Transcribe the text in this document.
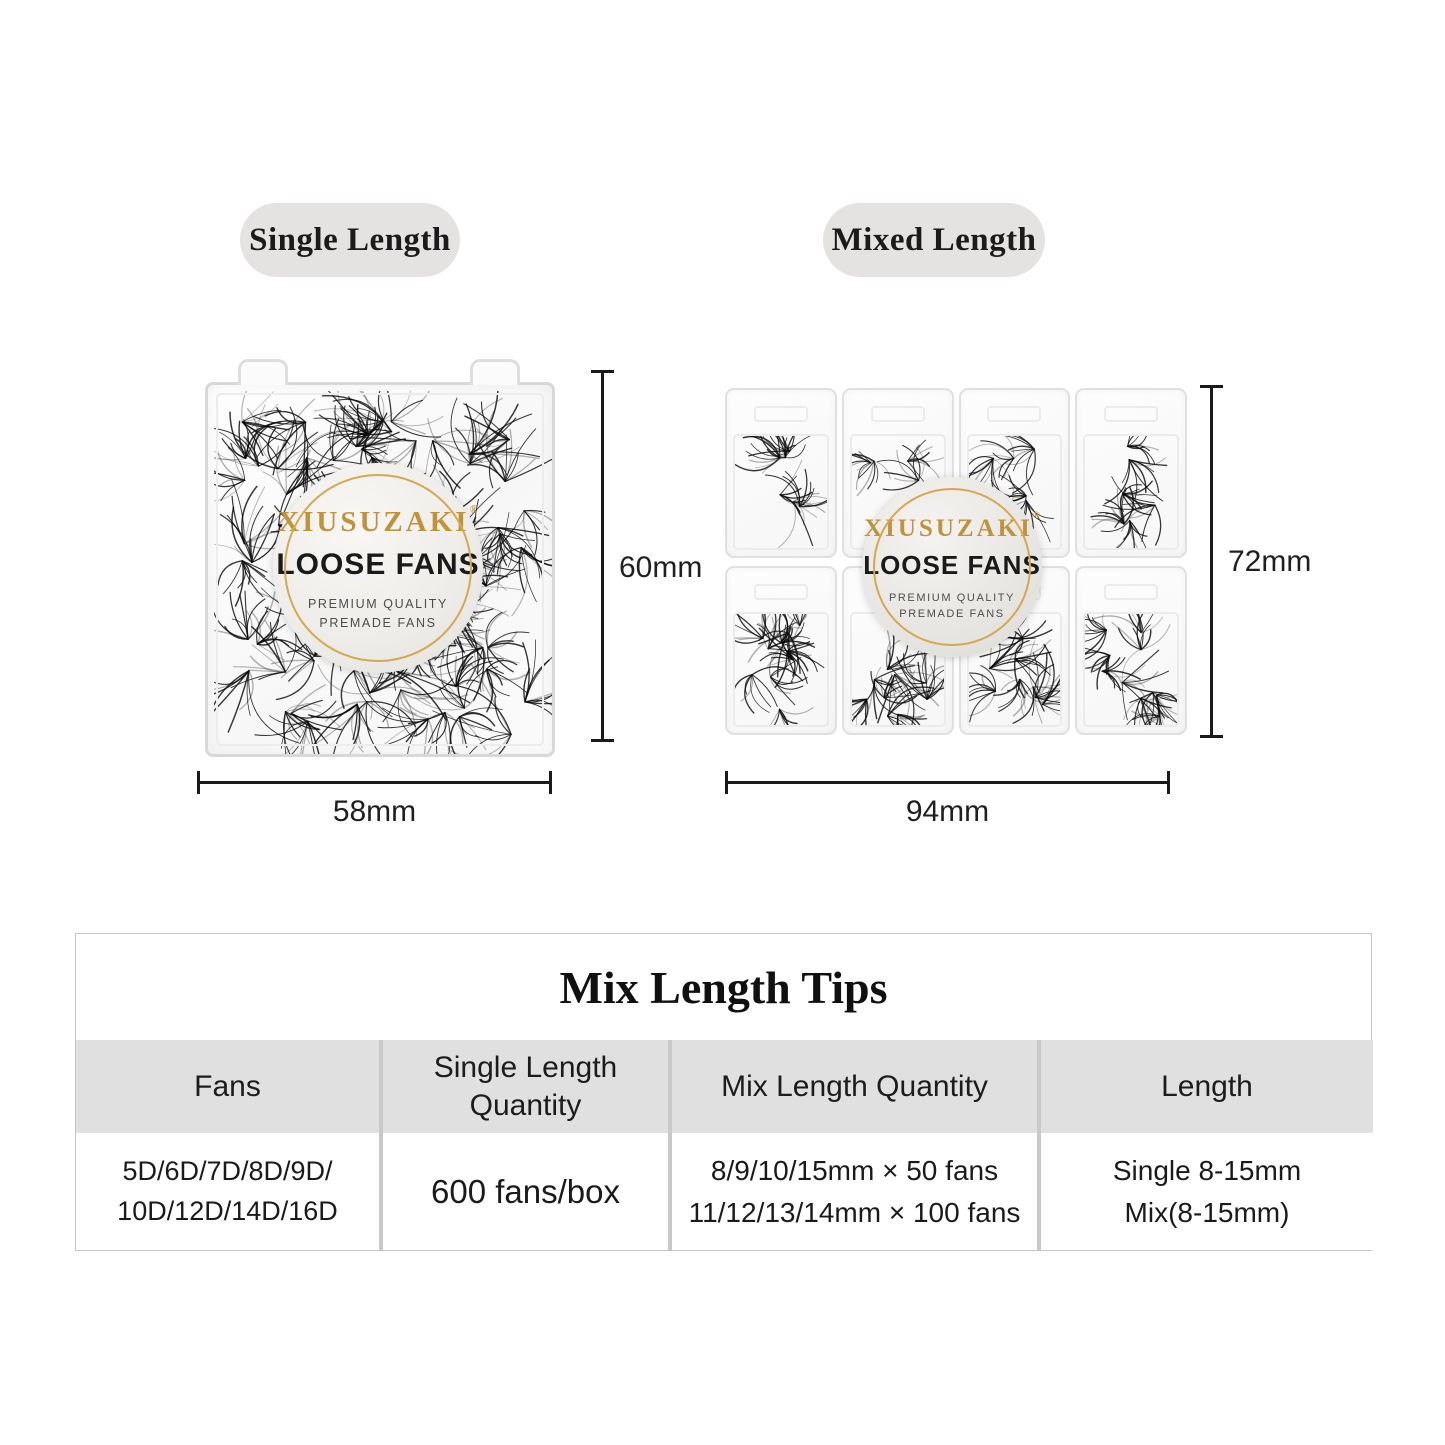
Single Length	Mixed Length
XIUSUZAKI®
LOOSE FANS
PREMIUM QUALITY
PREMADE FANS
XIUSUZAKI®
LOOSE FANS
PREMIUM QUALITY
PREMADE FANS
60mm
58mm
72mm
94mm
Mix Length Tips
Fans
Single Length Quantity
Mix Length Quantity	Length
5D/6D/7D/8D/9D/
10D/12D/14D/16D
600 fans/box
8/9/10/15mm × 50 fans
11/12/13/14mm × 100 fans
Single 8-15mm
Mix(8-15mm)
